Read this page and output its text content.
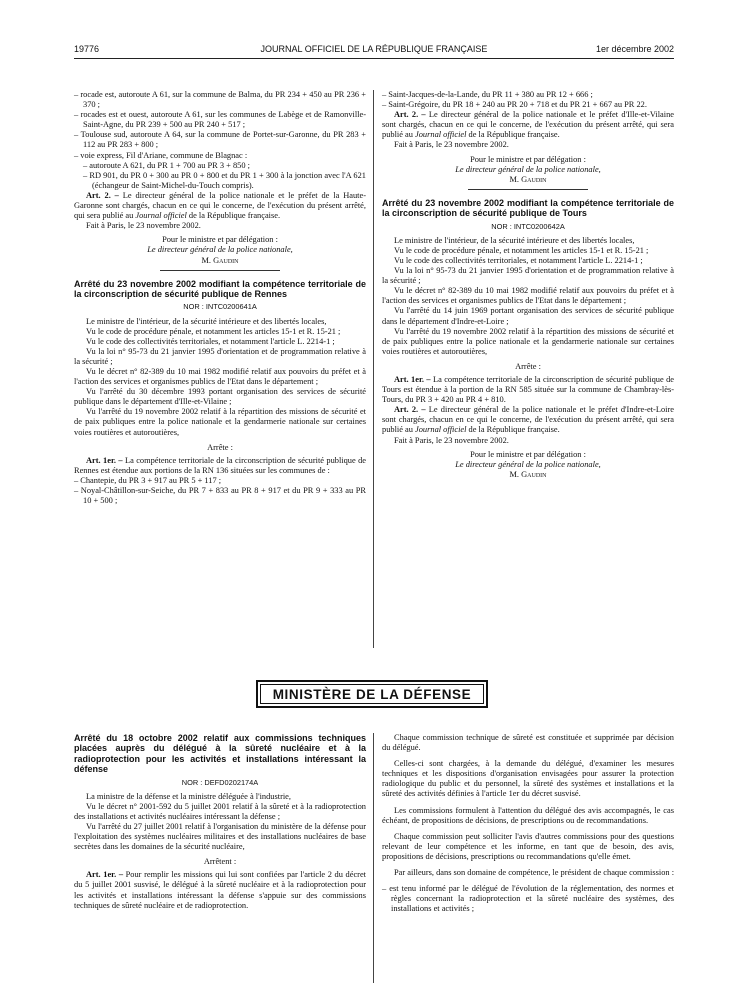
19776	JOURNAL OFFICIEL DE LA RÉPUBLIQUE FRANÇAISE	1er décembre 2002

– rocade est, autoroute A 61, sur la commune de Balma, du PR 234 + 450 au PR 236 + 370 ;

– rocades est et ouest, autoroute A 61, sur les communes de Labège et de Ramonville-Saint-Agne, du PR 239 + 500 au PR 240 + 517 ;

– Toulouse sud, autoroute A 64, sur la commune de Portet-sur-Garonne, du PR 283 + 112 au PR 283 + 800 ;

– voie express, Fil d'Ariane, commune de Blagnac :

– autoroute A 621, du PR 1 + 700 au PR 3 + 850 ;

– RD 901, du PR 0 + 300 au PR 0 + 800 et du PR 1 + 300 à la jonction avec l'A 621 (échangeur de Saint-Michel-du-Touch compris).

Art. 2. – Le directeur général de la police nationale et le préfet de la Haute-Garonne sont chargés, chacun en ce qui le concerne, de l'exécution du présent arrêté, qui sera publié au Journal officiel de la République française.

Fait à Paris, le 23 novembre 2002.

Pour le ministre et par délégation :

Le directeur général de la police nationale,

M. Gaudin

Arrêté du 23 novembre 2002 modifiant la compétence territoriale de la circonscription de sécurité publique de Rennes

NOR : INTC0200641A

Le ministre de l'intérieur, de la sécurité intérieure et des libertés locales,

Vu le code de procédure pénale, et notamment les articles 15-1 et R. 15-21 ;

Vu le code des collectivités territoriales, et notamment l'article L. 2214-1 ;

Vu la loi n° 95-73 du 21 janvier 1995 d'orientation et de programmation relative à la sécurité ;

Vu le décret n° 82-389 du 10 mai 1982 modifié relatif aux pouvoirs du préfet et à l'action des services et organismes publics de l'Etat dans le département ;

Vu l'arrêté du 30 décembre 1993 portant organisation des services de sécurité publique dans le département d'Ille-et-Vilaine ;

Vu l'arrêté du 19 novembre 2002 relatif à la répartition des missions de sécurité et de paix publiques entre la police nationale et la gendarmerie nationale sur certaines voies routières et autoroutières,

Arrête :

Art. 1er. – La compétence territoriale de la circonscription de sécurité publique de Rennes est étendue aux portions de la RN 136 situées sur les communes de :

– Chantepie, du PR 3 + 917 au PR 5 + 117 ;

– Noyal-Châtillon-sur-Seiche, du PR 7 + 833 au PR 8 + 917 et du PR 9 + 333 au PR 10 + 500 ;

– Saint-Jacques-de-la-Lande, du PR 11 + 380 au PR 12 + 666 ;

– Saint-Grégoire, du PR 18 + 240 au PR 20 + 718 et du PR 21 + 667 au PR 22.

Art. 2. – Le directeur général de la police nationale et le préfet d'Ille-et-Vilaine sont chargés, chacun en ce qui le concerne, de l'exécution du présent arrêté, qui sera publié au Journal officiel de la République française.

Fait à Paris, le 23 novembre 2002.

Pour le ministre et par délégation :

Le directeur général de la police nationale,

M. Gaudin

Arrêté du 23 novembre 2002 modifiant la compétence territoriale de la circonscription de sécurité publique de Tours

NOR : INTC0200642A

Le ministre de l'intérieur, de la sécurité intérieure et des libertés locales,

Vu le code de procédure pénale, et notamment les articles 15-1 et R. 15-21 ;

Vu le code des collectivités territoriales, et notamment l'article L. 2214-1 ;

Vu la loi n° 95-73 du 21 janvier 1995 d'orientation et de programmation relative à la sécurité ;

Vu le décret n° 82-389 du 10 mai 1982 modifié relatif aux pouvoirs du préfet et à l'action des services et organismes publics de l'Etat dans le département ;

Vu l'arrêté du 14 juin 1969 portant organisation des services de sécurité publique dans le département d'Indre-et-Loire ;

Vu l'arrêté du 19 novembre 2002 relatif à la répartition des missions de sécurité et de paix publiques entre la police nationale et la gendarmerie nationale sur certaines voies routières et autoroutières,

Arrête :

Art. 1er. – La compétence territoriale de la circonscription de sécurité publique de Tours est étendue à la portion de la RN 585 située sur la commune de Chambray-lès-Tours, du PR 3 + 420 au PR 4 + 810.

Art. 2. – Le directeur général de la police nationale et le préfet d'Indre-et-Loire sont chargés, chacun en ce qui le concerne, de l'exécution du présent arrêté, qui sera publié au Journal officiel de la République française.

Fait à Paris, le 23 novembre 2002.

Pour le ministre et par délégation :

Le directeur général de la police nationale,

M. Gaudin

MINISTÈRE DE LA DÉFENSE

Arrêté du 18 octobre 2002 relatif aux commissions techniques placées auprès du délégué à la sûreté nucléaire et à la radioprotection pour les activités et installations intéressant la défense

NOR : DEFD0202174A

La ministre de la défense et la ministre déléguée à l'industrie,

Vu le décret n° 2001-592 du 5 juillet 2001 relatif à la sûreté et à la radioprotection des installations et activités nucléaires intéressant la défense ;

Vu l'arrêté du 27 juillet 2001 relatif à l'organisation du ministère de la défense pour l'exploitation des systèmes nucléaires militaires et des installations nucléaires de base secrètes dans les domaines de la sécurité nucléaire,

Arrêtent :

Art. 1er. – Pour remplir les missions qui lui sont confiées par l'article 2 du décret du 5 juillet 2001 susvisé, le délégué à la sûreté nucléaire et à la radioprotection pour les activités et installations intéressant la défense s'appuie sur des commissions techniques de sûreté nucléaire et de radioprotection.

Chaque commission technique de sûreté est constituée et supprimée par décision du délégué.

Celles-ci sont chargées, à la demande du délégué, d'examiner les mesures techniques et les dispositions d'organisation envisagées pour assurer la protection radiologique du public et du personnel, la sûreté des systèmes et installations et la sûreté des activités définies à l'article 1er du décret susvisé.

Les commissions formulent à l'attention du délégué des avis accompagnés, le cas échéant, de propositions de décisions, de prescriptions ou de recommandations.

Chaque commission peut solliciter l'avis d'autres commissions pour des questions relevant de leur compétence et les informe, en tant que de besoin, des avis, propositions de décisions, prescriptions ou recommandations qu'elle émet.

Par ailleurs, dans son domaine de compétence, le président de chaque commission :

– est tenu informé par le délégué de l'évolution de la réglementation, des normes et règles concernant la radioprotection et la sûreté nucléaire des systèmes, des installations et activités ;
